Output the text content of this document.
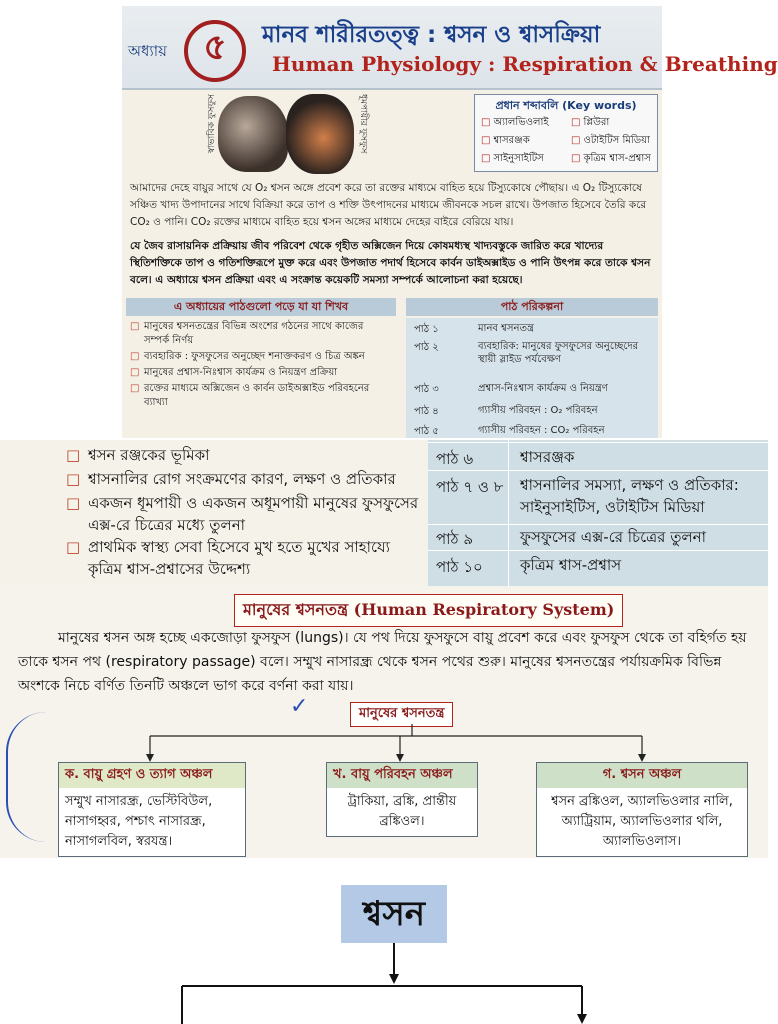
অধ্যায়	৫	মানব শারীরতত্ত্ব : শ্বসন ও শ্বাসক্রিয়া
Human Physiology : Respiration & Breathing
স্বাভাবিক ফুসফুস	ধূমপায়ীর ফুসফুস	প্রধান শব্দাবলি (Key words)
□ অ্যালভিওলাই	□ প্লিউরা
□ শ্বাসরঞ্জক	□ ওটাইটিস মিডিয়া
□ সাইনুসাইটিস	□ কৃত্রিম শ্বাস-প্রশ্বাস
আমাদের দেহে বায়ুর সাথে যে O₂ শ্বসন অঙ্গে প্রবেশ করে তা রক্তের মাধ্যমে বাহিত হয়ে টিস্যুকোষে পৌছায়। এ O₂ টিস্যুকোষে সঞ্চিত খাদ্য উপাদানের সাথে বিক্রিয়া করে তাপ ও শক্তি উৎপাদনের মাধ্যমে জীবনকে সচল রাখে। উপজাত হিসেবে তৈরি করে CO₂ ও পানি। CO₂ রক্তের মাধ্যমে বাহিত হয়ে শ্বসন অঙ্গের মাধ্যমে দেহের বাইরে বেরিয়ে যায়।
যে জৈব রাসায়নিক প্রক্রিয়ায় জীব পরিবেশ থেকে গৃহীত অক্সিজেন দিয়ে কোষমধ্যস্থ খাদ্যবস্তুকে জারিত করে খাদ্যের স্থিতিশক্তিকে তাপ ও গতিশক্তিরূপে মুক্ত করে এবং উপজাত পদার্থ হিসেবে কার্বন ডাইঅক্সাইড ও পানি উৎপন্ন করে তাকে শ্বসন বলে। এ অধ্যায়ে শ্বসন প্রক্রিয়া এবং এ সংক্রান্ত কয়েকটি সমস্যা সম্পর্কে আলোচনা করা হয়েছে।
এ অধ্যায়ের পাঠগুলো পড়ে যা যা শিখব	পাঠ পরিকল্পনা
□ মানুষের শ্বসনতন্ত্রের বিভিন্ন অংশের গঠনের সাথে কাজের সম্পর্ক নির্ণয়
□ ব্যবহারিক : ফুসফুসের অনুচ্ছেদ শনাক্তকরণ ও চিত্র অঙ্কন
□ মানুষের প্রশ্বাস-নিঃশ্বাস কার্যক্রম ও নিয়ন্ত্রণ প্রক্রিয়া
□ রক্তের মাধ্যমে অক্সিজেন ও কার্বন ডাইঅক্সাইড পরিবহনের ব্যাখ্যা
পাঠ ১	মানব শ্বসনতন্ত্র
পাঠ ২	ব্যবহারিক: মানুষের ফুসফুসের অনুচ্ছেদের স্থায়ী স্লাইড পর্যবেক্ষণ
পাঠ ৩	প্রশ্বাস-নিঃশ্বাস কার্যক্রম ও নিয়ন্ত্রণ
পাঠ ৪	গ্যাসীয় পরিবহন : O₂ পরিবহন
পাঠ ৫	গ্যাসীয় পরিবহন : CO₂ পরিবহন
□ শ্বসন রঞ্জকের ভূমিকা
□ শ্বাসনালির রোগ সংক্রমণের কারণ, লক্ষণ ও প্রতিকার
□ একজন ধূমপায়ী ও একজন অধূমপায়ী মানুষের ফুসফুসের এক্স-রে চিত্রের মধ্যে তুলনা
□ প্রাথমিক স্বাস্থ্য সেবা হিসেবে মুখ হতে মুখের সাহায্যে কৃত্রিম শ্বাস-প্রশ্বাসের উদ্দেশ্য
পাঠ ৬	শ্বাসরঞ্জক
পাঠ ৭ ও ৮ শ্বাসনালির সমস্যা, লক্ষণ ও প্রতিকার: সাইনুসাইটিস, ওটাইটিস মিডিয়া
পাঠ ৯	ফুসফুসের এক্স-রে চিত্রের তুলনা
পাঠ ১০ কৃত্রিম শ্বাস-প্রশ্বাস
মানুষের শ্বসনতন্ত্র (Human Respiratory System)
মানুষের শ্বসন অঙ্গ হচ্ছে একজোড়া ফুসফুস (lungs)। যে পথ দিয়ে ফুসফুসে বায়ু প্রবেশ করে এবং ফুসফুস থেকে তা বহির্গত হয় তাকে শ্বসন পথ (respiratory passage) বলে। সম্মুখ নাসারন্ধ্র থেকে শ্বসন পথের শুরু। মানুষের শ্বসনতন্ত্রের পর্যায়ক্রমিক বিভিন্ন অংশকে নিচে বর্ণিত তিনটি অঞ্চলে ভাগ করে বর্ণনা করা যায়।
✓	মানুষের শ্বসনতন্ত্র
ক. বায়ু গ্রহণ ও ত্যাগ অঞ্চল
সম্মুখ নাসারন্ধ্র, ভেস্টিবিউল, নাসাগহ্বর, পশ্চাৎ নাসারন্ধ্র, নাসাগলবিল, স্বরযন্ত্র।
খ. বায়ু পরিবহন অঞ্চল
ট্রাকিয়া, ব্রঙ্কি, প্রান্তীয় ব্রঙ্কিওল।
গ. শ্বসন অঞ্চল
শ্বসন ব্রঙ্কিওল, অ্যালভিওলার নালি, অ্যাট্রিয়াম, অ্যালভিওলার থলি, অ্যালভিওলাস।
শ্বসন
